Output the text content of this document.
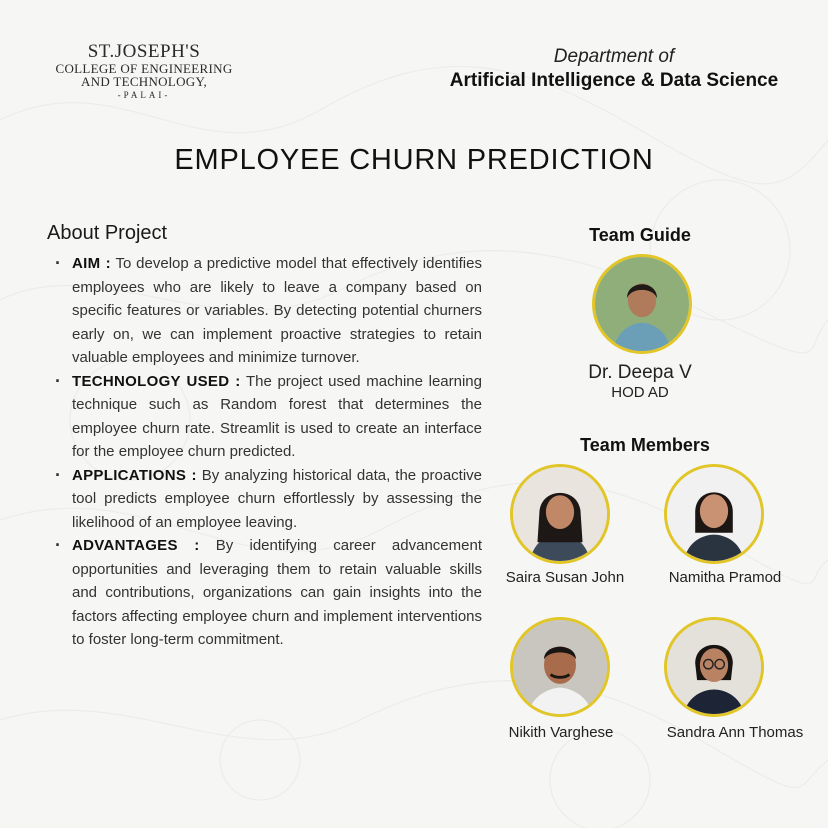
ST.JOSEPH'S
COLLEGE OF ENGINEERING
AND TECHNOLOGY,
-PALAI-
Department of
Artificial Intelligence & Data Science
EMPLOYEE CHURN PREDICTION
About Project
· AIM : To develop a predictive model that effectively identifies employees who are likely to leave a company based on specific features or variables. By detecting potential churners early on, we can implement proactive strategies to retain valuable employees and minimize turnover.
· TECHNOLOGY USED : The project used machine learning technique such as Random forest that determines the employee churn rate. Streamlit is used to create an interface for the employee churn predicted.
· APPLICATIONS : By analyzing historical data, the proactive tool predicts employee churn effortlessly by assessing the likelihood of an employee leaving.
· ADVANTAGES : By identifying career advancement opportunities and leveraging them to retain valuable skills and contributions, organizations can gain insights into the factors affecting employee churn and implement interventions to foster long-term commitment.
Team Guide
Dr. Deepa V
HOD AD
Team Members
Saira Susan John	Namitha Pramod
Nikith Varghese	Sandra Ann Thomas
